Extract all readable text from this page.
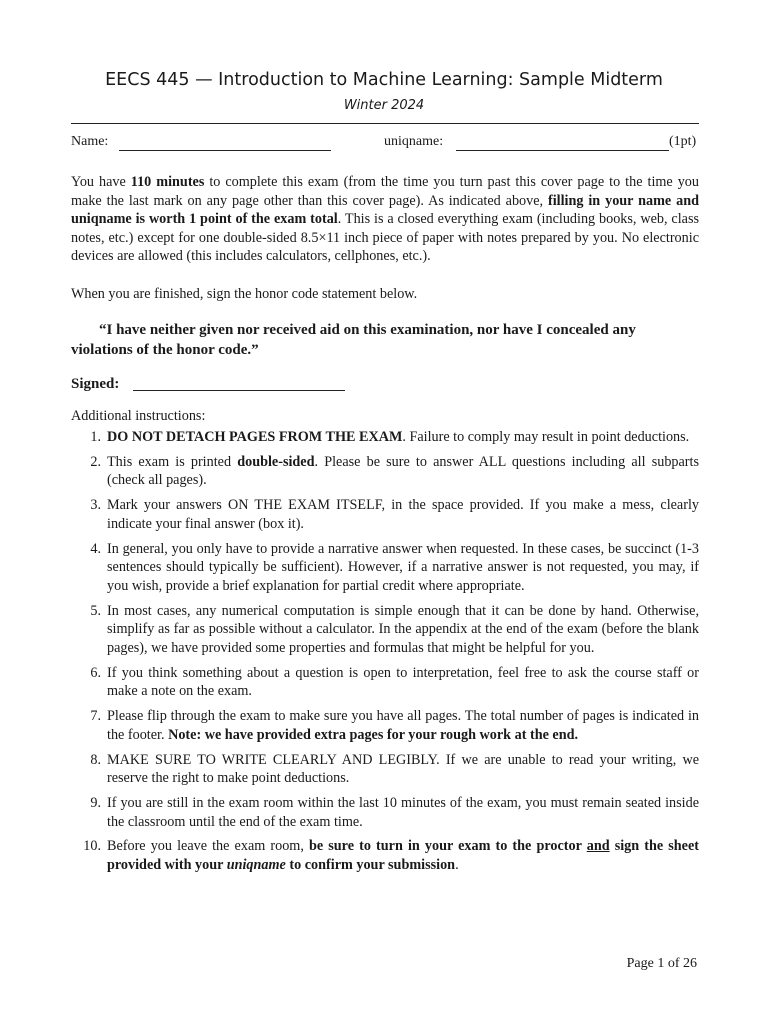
EECS 445 — Introduction to Machine Learning: Sample Midterm
Winter 2024
Name:	uniqname:	(1pt)
You have 110 minutes to complete this exam (from the time you turn past this cover page to the time you make the last mark on any page other than this cover page). As indicated above, filling in your name and uniqname is worth 1 point of the exam total. This is a closed everything exam (including books, web, class notes, etc.) except for one double-sided 8.5×11 inch piece of paper with notes prepared by you. No electronic devices are allowed (this includes calculators, cellphones, etc.).
When you are finished, sign the honor code statement below.
“I have neither given nor received aid on this examination, nor have I concealed any violations of the honor code.”
Signed:
Additional instructions:
1. DO NOT DETACH PAGES FROM THE EXAM. Failure to comply may result in point deductions.
2. This exam is printed double-sided. Please be sure to answer ALL questions including all subparts (check all pages).
3. Mark your answers ON THE EXAM ITSELF, in the space provided. If you make a mess, clearly indicate your final answer (box it).
4. In general, you only have to provide a narrative answer when requested. In these cases, be succinct (1-3 sentences should typically be sufficient). However, if a narrative answer is not requested, you may, if you wish, provide a brief explanation for partial credit where appropriate.
5. In most cases, any numerical computation is simple enough that it can be done by hand. Otherwise, simplify as far as possible without a calculator. In the appendix at the end of the exam (before the blank pages), we have provided some properties and formulas that might be helpful for you.
6. If you think something about a question is open to interpretation, feel free to ask the course staff or make a note on the exam.
7. Please flip through the exam to make sure you have all pages. The total number of pages is indicated in the footer. Note: we have provided extra pages for your rough work at the end.
8. MAKE SURE TO WRITE CLEARLY AND LEGIBLY. If we are unable to read your writing, we reserve the right to make point deductions.
9. If you are still in the exam room within the last 10 minutes of the exam, you must remain seated inside the classroom until the end of the exam time.
10. Before you leave the exam room, be sure to turn in your exam to the proctor and sign the sheet provided with your uniqname to confirm your submission.
Page 1 of 26
